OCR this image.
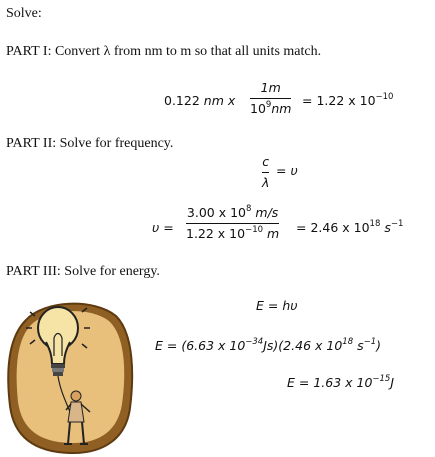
Solve:
PART I: Convert λ from nm to m so that all units match.
PART II: Solve for frequency.
PART III: Solve for energy.
0.122 nm x
1m
$10^9nm$
= 1.22 x $10^{-10}$
c
λ
= υ
υ =
3.00 x $10^8$ m/s
1.22 x $10^{-10}$ m = 2.46 x $10^{18}$ $s^{-1}$
E = hυ
E = (6.63 x $10^{-34}Js)(2.46$ x $10^{18}$ $s^{-1}$)
E = 1.63 x $10^{-15}J$
